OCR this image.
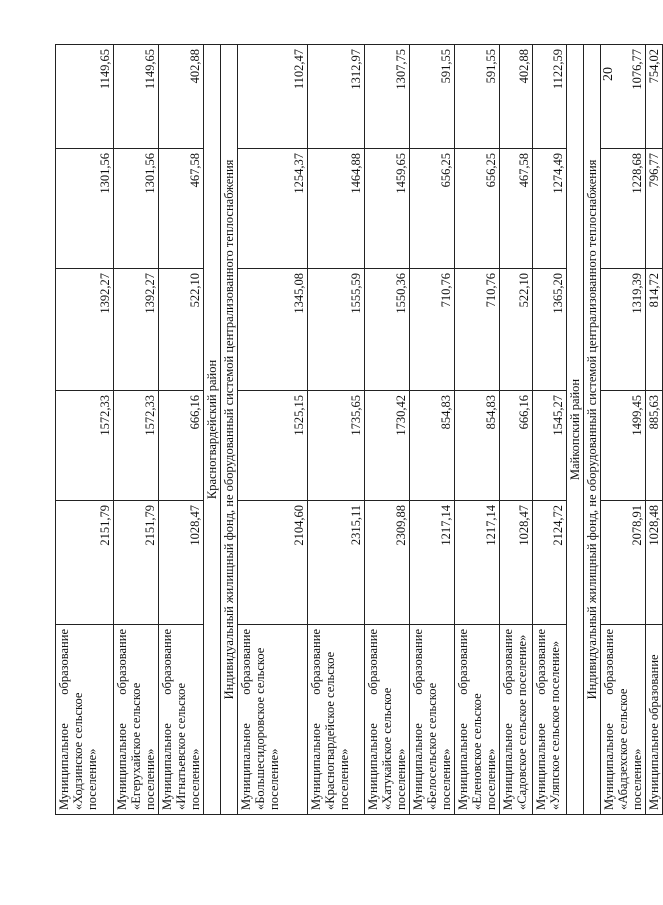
20
Муниципальное образование «Ходзинское сельское поселение»	2151,79	1572,33	1392,27	1301,56	1149,65

Муниципальное образование «Егерухайское сельское поселение»	2151,79	1572,33	1392,27	1301,56	1149,65

Муниципальное образование «Игнатьевское сельское поселение»	1028,47	666,16	522,10	467,58	402,88
Красногвардейский район					
Индивидуальный жилищный фонд, не оборудованный системой централизованного теплоснабжения					

Муниципальное образование «Большесидоровское сельское поселение»	2104,60	1525,15	1345,08	1254,37	1102,47

Муниципальное образование «Красногвардейское сельское поселение»	2315,11	1735,65	1555,59	1464,88	1312,97

Муниципальное образование «Хатукайское сельское поселение»	2309,88	1730,42	1550,36	1459,65	1307,75

Муниципальное образование «Белосельское сельское поселение»	1217,14	854,83	710,76	656,25	591,55

Муниципальное образование «Еленовское сельское поселение»	1217,14	854,83	710,76	656,25	591,55

Муниципальное образование «Садовское сельское поселение»	1028,47	666,16	522,10	467,58	402,88

Муниципальное образование «Уляпское сельское поселение»	2124,72	1545,27	1365,20	1274,49	1122,59
Майкопский район					
Индивидуальный жилищный фонд, не оборудованный системой централизованного теплоснабжения					

Муниципальное образование «Абадзехское сельское поселение»	2078,91	1499,45	1319,39	1228,68	1076,77

Муниципальное образование	1028,48	885,63	814,72	796,77	754,02
